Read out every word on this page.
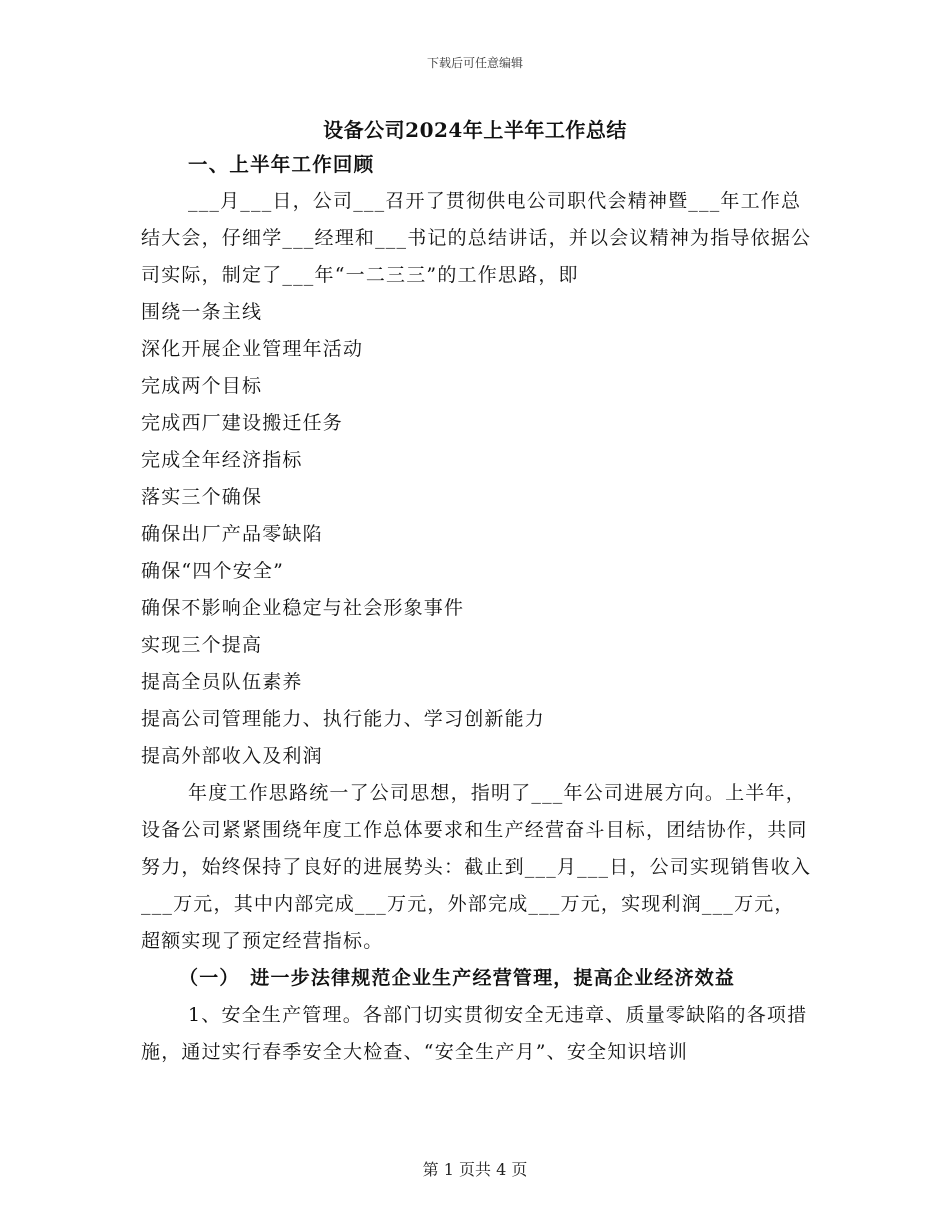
下载后可任意编辑
设备公司2024年上半年工作总结

一、上半年工作回顾

___月___日，公司___召开了贯彻供电公司职代会精神暨___年工作总结大会，仔细学___经理和___书记的总结讲话，并以会议精神为指导依据公司实际，制定了___年“一二三三”的工作思路，即

围绕一条主线

深化开展企业管理年活动

完成两个目标

完成西厂建设搬迁任务

完成全年经济指标

落实三个确保

确保出厂产品零缺陷

确保“四个安全”

确保不影响企业稳定与社会形象事件

实现三个提高

提高全员队伍素养

提高公司管理能力、执行能力、学习创新能力

提高外部收入及利润

年度工作思路统一了公司思想，指明了___年公司进展方向。上半年，设备公司紧紧围绕年度工作总体要求和生产经营奋斗目标，团结协作，共同努力，始终保持了良好的进展势头：截止到___月___日，公司实现销售收入___万元，其中内部完成___万元，外部完成___万元，实现利润___万元，超额实现了预定经营指标。

（一）　进一步法律规范企业生产经营管理，提高企业经济效益

1、安全生产管理。各部门切实贯彻安全无违章、质量零缺陷的各项措施，通过实行春季安全大检查、“安全生产月”、安全知识培训

第 1 页共 4 页
